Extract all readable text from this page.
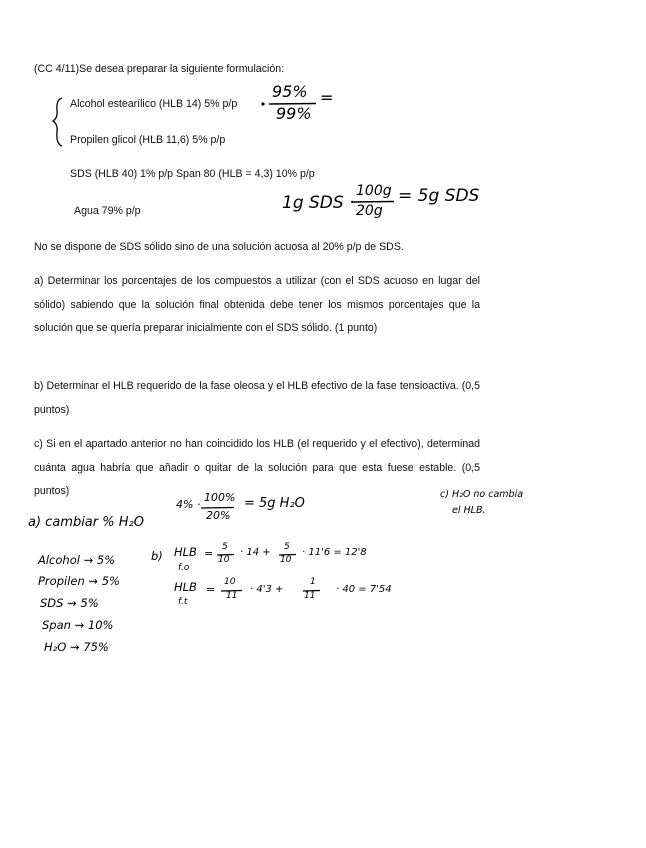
(CC 4/11)Se desea preparar la siguiente formulación:
Alcohol estearílico (HLB 14) 5% p/p
Propilen glicol (HLB 11,6) 5% p/p
SDS (HLB 40) 1% p/p Span 80 (HLB = 4,3) 10% p/p
Agua 79% p/p
No se dispone de SDS sólido sino de una solución acuosa al 20% p/p de SDS.
a) Determinar los porcentajes de los compuestos a utilizar (con el SDS acuoso en lugar del sólido) sabiendo que la solución final obtenida debe tener los mismos porcentajes que la solución que se quería preparar inicialmente con el SDS sólido. (1 punto)
b) Determinar el HLB requerido de la fase oleosa y el HLB efectivo de la fase tensioactiva. (0,5 puntos)
c) Si en el apartado anterior no han coincidido los HLB (el requerido y el efectivo), determinad cuánta agua habría que añadir o quitar de la solución para que esta fuese estable. (0,5 puntos)
95%
99%
=
1g SDS ·
100g
20g
= 5g SDS
a) cambiar % H₂O
4% ·
100%
20%
= 5g H₂O
c) H₂O no cambia
el HLB.
Alcohol ⇝ 5%
Propilen ⇝ 5%
SDS ⇝ 5%
Span ⇝ 10%
H₂O ⇝ 75%
b) HLB
f.o
= 5
10
· 14 + 5
10
· 11'6 = 12'8
HLB
f.t
=
10
11
· 4'3 +
1
11
· 40 = 7'54
